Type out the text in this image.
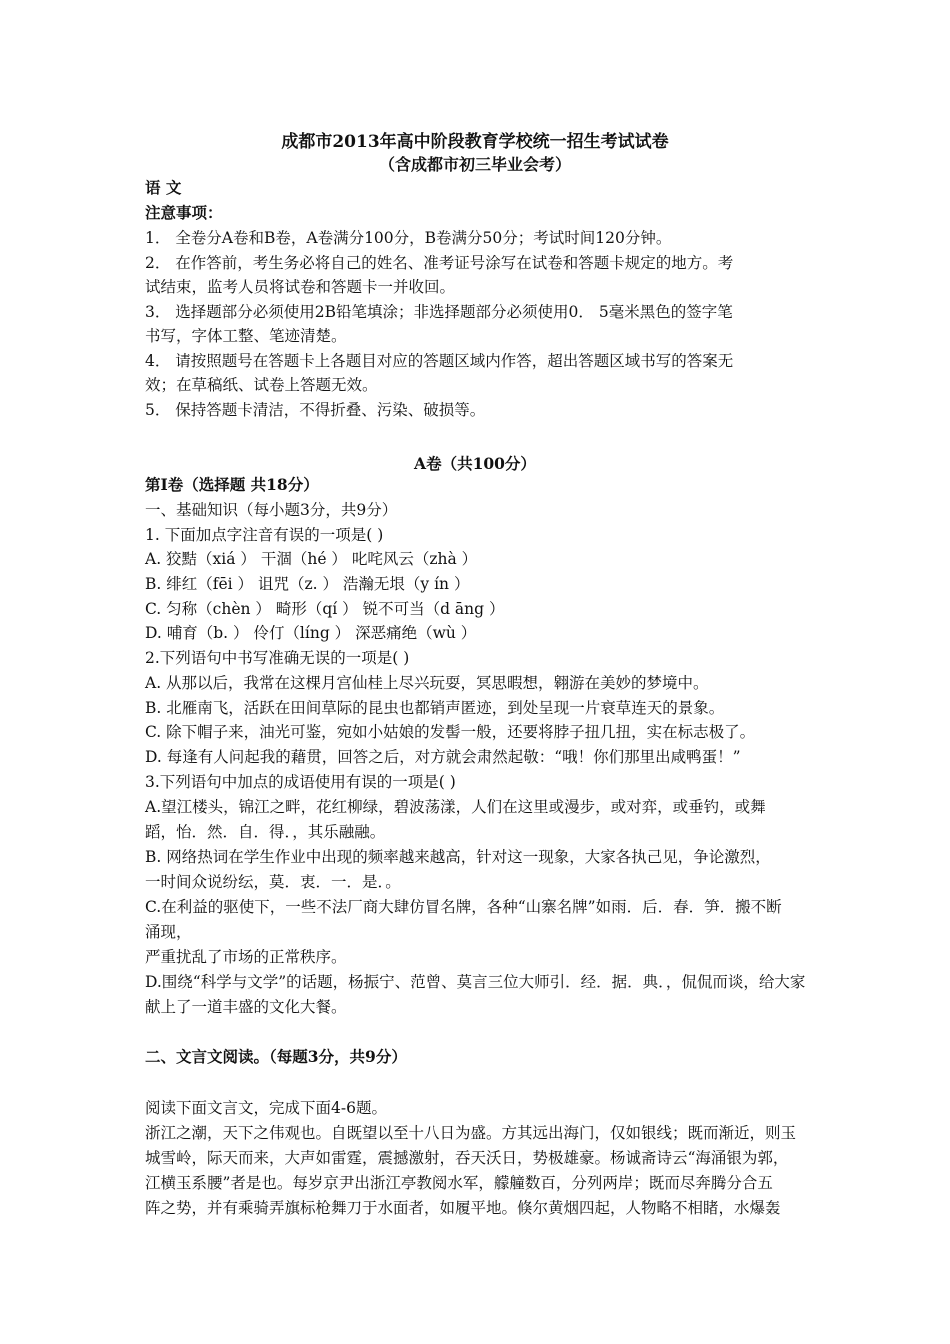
成都市2013年高中阶段教育学校统一招生考试试卷
（含成都市初三毕业会考）
语 文
注意事项：
1． 全卷分A卷和B卷，A卷满分100分，B卷满分50分；考试时间120分钟。
2． 在作答前，考生务必将自己的姓名、准考证号涂写在试卷和答题卡规定的地方。考
试结束，监考人员将试卷和答题卡一并收回。
3． 选择题部分必须使用2B铅笔填涂；非选择题部分必须使用0． 5毫米黑色的签字笔
书写，字体工整、笔迹清楚。
4． 请按照题号在答题卡上各题目对应的答题区域内作答，超出答题区域书写的答案无
效；在草稿纸、试卷上答题无效。
5． 保持答题卡清洁，不得折叠、污染、破损等。
A卷（共100分）
第Ⅰ卷（选择题 共18分）
一、基础知识（每小题3分，共9分）
1. 下面加点字注音有误的一项是( )
A. 狡黠（xiá ） 干涸（hé ） 叱咤风云（zhà ）
B. 绯红（fēi ） 诅咒（z. ） 浩瀚无垠（y ín ）
C. 匀称（chèn ） 畸形（qí ） 锐不可当（d āng ）
D. 哺育（b. ） 伶仃（líng ） 深恶痛绝（wù ）
2.下列语句中书写准确无误的一项是( )
A. 从那以后，我常在这棵月宫仙桂上尽兴玩耍，冥思暇想，翱游在美妙的梦境中。
B. 北雁南飞，活跃在田间草际的昆虫也都销声匿迹，到处呈现一片衰草连天的景象。
C. 除下帽子来，油光可鉴，宛如小姑娘的发髻一般，还要将脖子扭几扭，实在标志极了。
D. 每逢有人问起我的藉贯，回答之后，对方就会肃然起敬：“哦！你们那里出咸鸭蛋！”
3.下列语句中加点的成语使用有误的一项是( )
A.望江楼头，锦江之畔，花红柳绿，碧波荡漾，人们在这里或漫步，或对弈，或垂钓，或舞
蹈，怡．然．自．得．，其乐融融。
B. 网络热词在学生作业中出现的频率越来越高，针对这一现象，大家各执己见，争论激烈，
一时间众说纷纭，莫．衷．一．是．。
C.在利益的驱使下，一些不法厂商大肆仿冒名牌，各种“山寨名牌”如雨．后．春．笋．搬不断
涌现，
严重扰乱了市场的正常秩序。
D.围绕“科学与文学”的话题，杨振宁、范曾、莫言三位大师引．经．据．典．，侃侃而谈，给大家
献上了一道丰盛的文化大餐。
二、文言文阅读。（每题3分，共9分）
阅读下面文言文，完成下面4-6题。
浙江之潮，天下之伟观也。自既望以至十八日为盛。方其远出海门，仅如银线；既而渐近，则玉
城雪岭，际天而来，大声如雷霆，震撼激射，吞天沃日，势极雄豪。杨诚斋诗云“海涌银为郭，
江横玉系腰”者是也。每岁京尹出浙江亭教阅水军，艨艟数百，分列两岸；既而尽奔腾分合五
阵之势，并有乘骑弄旗标枪舞刀于水面者，如履平地。倏尔黄烟四起，人物略不相睹，水爆轰
